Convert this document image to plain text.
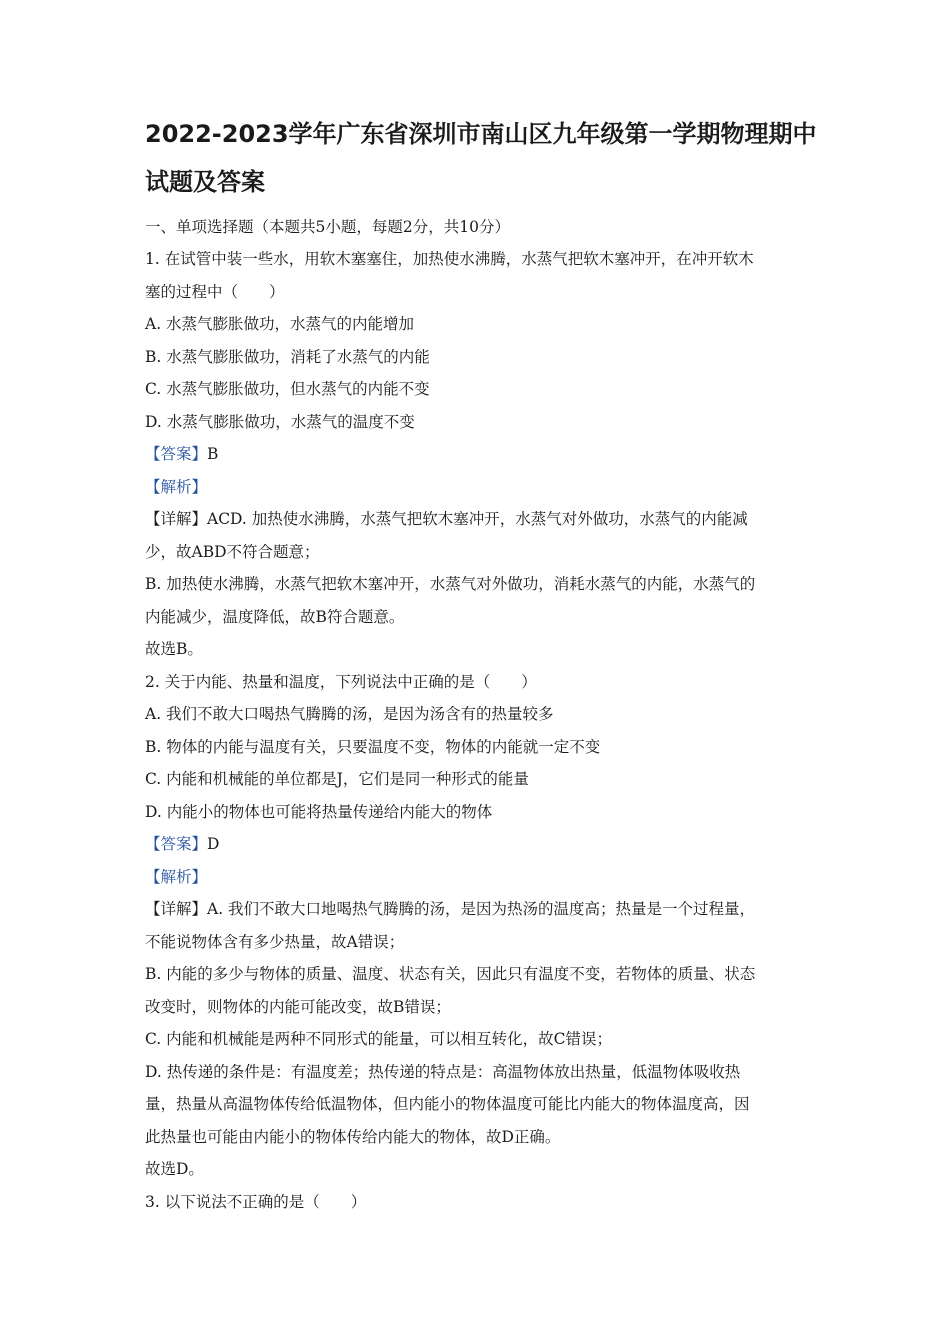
2022-2023学年广东省深圳市南山区九年级第一学期物理期中试题及答案
一、单项选择题（本题共5小题，每题2分，共10分）
1. 在试管中装一些水，用软木塞塞住，加热使水沸腾，水蒸气把软木塞冲开，在冲开软木
塞的过程中（　　）
A. 水蒸气膨胀做功，水蒸气的内能增加
B. 水蒸气膨胀做功，消耗了水蒸气的内能
C. 水蒸气膨胀做功，但水蒸气的内能不变
D. 水蒸气膨胀做功，水蒸气的温度不变
【答案】B
【解析】
【详解】ACD. 加热使水沸腾，水蒸气把软木塞冲开，水蒸气对外做功，水蒸气的内能减
少，故ABD不符合题意；
B. 加热使水沸腾，水蒸气把软木塞冲开，水蒸气对外做功，消耗水蒸气的内能，水蒸气的
内能减少，温度降低，故B符合题意。
故选B。
2. 关于内能、热量和温度，下列说法中正确的是（　　）
A. 我们不敢大口喝热气腾腾的汤，是因为汤含有的热量较多
B. 物体的内能与温度有关，只要温度不变，物体的内能就一定不变
C. 内能和机械能的单位都是J，它们是同一种形式的能量
D. 内能小的物体也可能将热量传递给内能大的物体
【答案】D
【解析】
【详解】A. 我们不敢大口地喝热气腾腾的汤，是因为热汤的温度高；热量是一个过程量，
不能说物体含有多少热量，故A错误；
B. 内能的多少与物体的质量、温度、状态有关，因此只有温度不变，若物体的质量、状态
改变时，则物体的内能可能改变，故B错误；
C. 内能和机械能是两种不同形式的能量，可以相互转化，故C错误；
D. 热传递的条件是：有温度差；热传递的特点是：高温物体放出热量，低温物体吸收热
量，热量从高温物体传给低温物体，但内能小的物体温度可能比内能大的物体温度高，因
此热量也可能由内能小的物体传给内能大的物体，故D正确。
故选D。
3. 以下说法不正确的是（　　）
